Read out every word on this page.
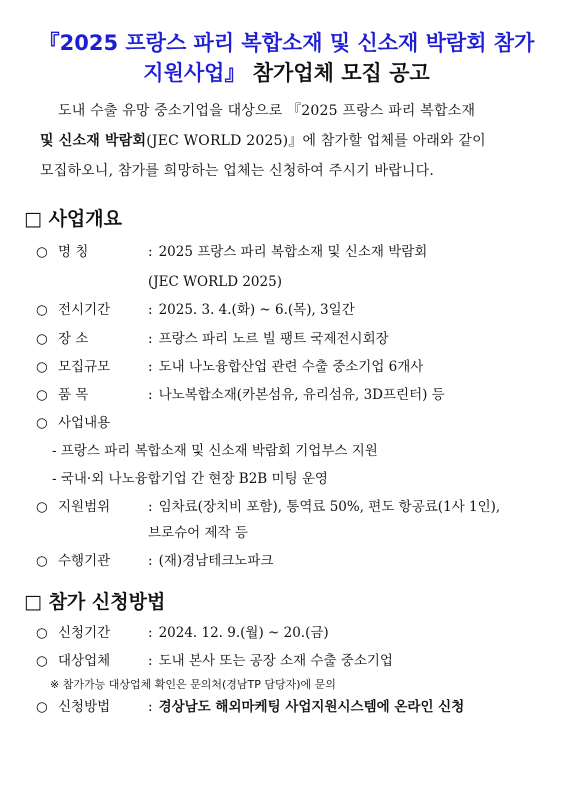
『2025 프랑스 파리 복합소재 및 신소재 박람회 참가
지원사업』 참가업체 모집 공고
도내 수출 유망 중소기업을 대상으로 『2025 프랑스 파리 복합소재
및 신소재 박람회(JEC WORLD 2025)』에 참가할 업체를 아래와 같이
모집하오니, 참가를 희망하는 업체는 신청하여 주시기 바랍니다.
□ 사업개요
○ 명 칭	: 2025 프랑스 파리 복합소재 및 신소재 박람회
(JEC WORLD 2025)
○ 전시기간	: 2025. 3. 4.(화) ~ 6.(목), 3일간
○ 장 소	: 프랑스 파리 노르 빌 팽트 국제전시회장
○ 모집규모	: 도내 나노융합산업 관련 수출 중소기업 6개사
○ 품 목	: 나노복합소재(카본섬유, 유리섬유, 3D프린터) 등
○ 사업내용
- 프랑스 파리 복합소재 및 신소재 박람회 기업부스 지원
- 국내·외 나노융합기업 간 현장 B2B 미팅 운영
○ 지원범위	: 임차료(장치비 포함), 통역료 50%, 편도 항공료(1사 1인),
브로슈어 제작 등
○ 수행기관	: (재)경남테크노파크
□ 참가 신청방법
○ 신청기간	: 2024. 12. 9.(월) ~ 20.(금)
○ 대상업체	: 도내 본사 또는 공장 소재 수출 중소기업
※ 참가가능 대상업체 확인은 문의처(경남TP 담당자)에 문의
○ 신청방법	: 경상남도 해외마케팅 사업지원시스템에 온라인 신청
